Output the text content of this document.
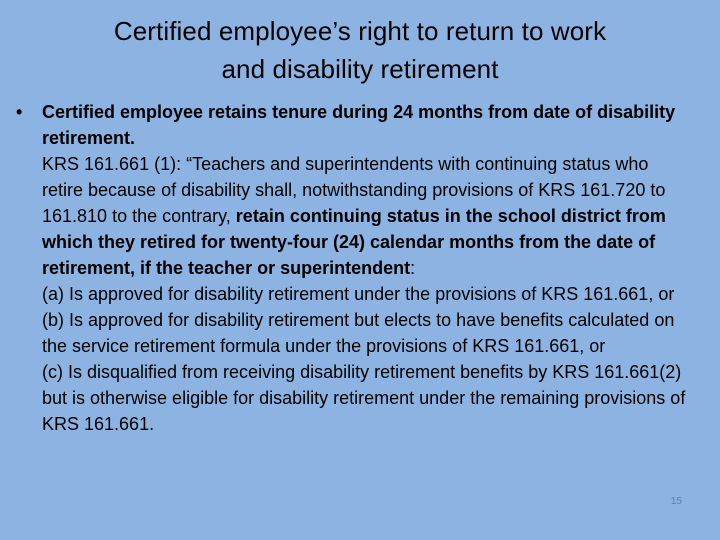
Certified employee’s right to return to work
and disability retirement
• Certified employee retains tenure during 24 months from date of disability retirement.

KRS 161.661 (1): “Teachers and superintendents with continuing status who retire because of disability shall, notwithstanding provisions of KRS 161.720 to 161.810 to the contrary, retain continuing status in the school district from which they retired for twenty-four (24) calendar months from the date of retirement, if the teacher or superintendent:

(a) Is approved for disability retirement under the provisions of KRS 161.661, or

(b) Is approved for disability retirement but elects to have benefits calculated on the service retirement formula under the provisions of KRS 161.661, or

(c) Is disqualified from receiving disability retirement benefits by KRS 161.661(2) but is otherwise eligible for disability retirement under the remaining provisions of KRS 161.661.

15
